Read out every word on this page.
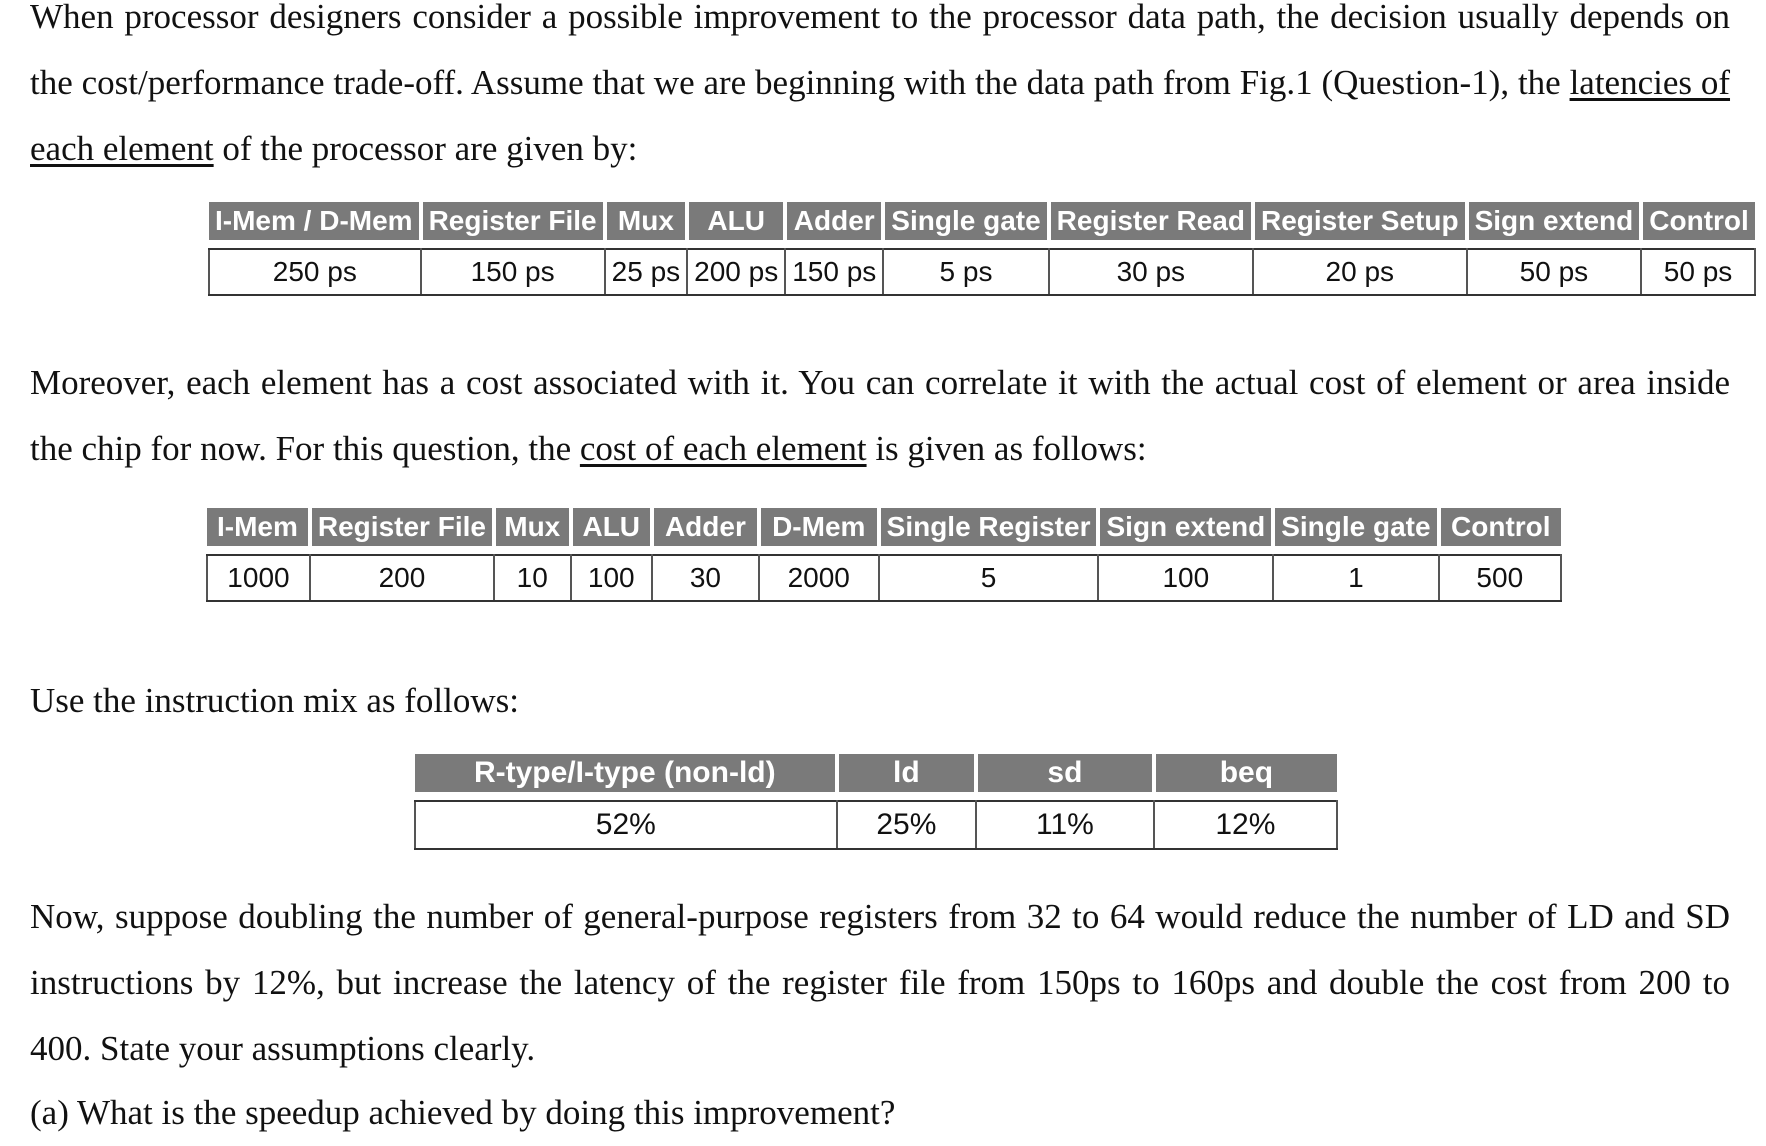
When processor designers consider a possible improvement to the processor data path, the decision usually depends on the cost/performance trade-off. Assume that we are beginning with the data path from Fig.1 (Question-1), the latencies of each element of the processor are given by:

I-Mem / D-Mem	Register File	Mux	ALU	Adder	Single gate	Register Read	Register Setup	Sign extend	Control

250 ps	150 ps	25 ps	200 ps	150 ps	5 ps	30 ps	20 ps	50 ps	50 ps

Moreover, each element has a cost associated with it. You can correlate it with the actual cost of element or area inside the chip for now. For this question, the cost of each element is given as follows:

I-Mem	Register File	Mux	ALU	Adder	D-Mem	Single Register	Sign extend	Single gate	Control

1000	200	10	100	30	2000	5	100	1	500

Use the instruction mix as follows:

R-type/I-type (non-ld)	ld	sd	beq

52%	25%	11%	12%

Now, suppose doubling the number of general-purpose registers from 32 to 64 would reduce the number of LD and SD instructions by 12%, but increase the latency of the register file from 150ps to 160ps and double the cost from 200 to 400. State your assumptions clearly.

(a) What is the speedup achieved by doing this improvement?
